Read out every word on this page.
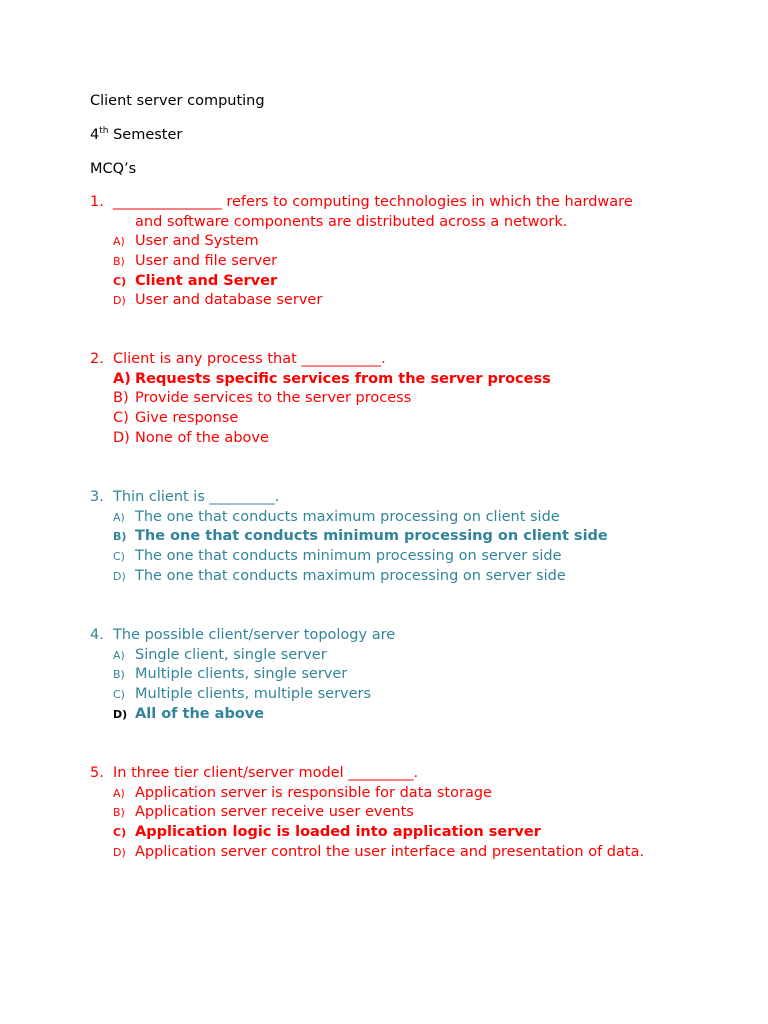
Client server computing
4th Semester
MCQ’s
1. _______________ refers to computing technologies in which the hardware
and software components are distributed across a network.
A) User and System
B) User and file server
C) Client and Server
D) User and database server
2. Client is any process that ___________.
A) Requests specific services from the server process
B) Provide services to the server process
C) Give response
D) None of the above
3. Thin client is _________.
A) The one that conducts maximum processing on client side
B) The one that conducts minimum processing on client side
C) The one that conducts minimum processing on server side
D) The one that conducts maximum processing on server side
4. The possible client/server topology are
A) Single client, single server
B) Multiple clients, single server
C) Multiple clients, multiple servers
D) All of the above
5. In three tier client/server model _________.
A) Application server is responsible for data storage
B) Application server receive user events
C) Application logic is loaded into application server
D) Application server control the user interface and presentation of data.
